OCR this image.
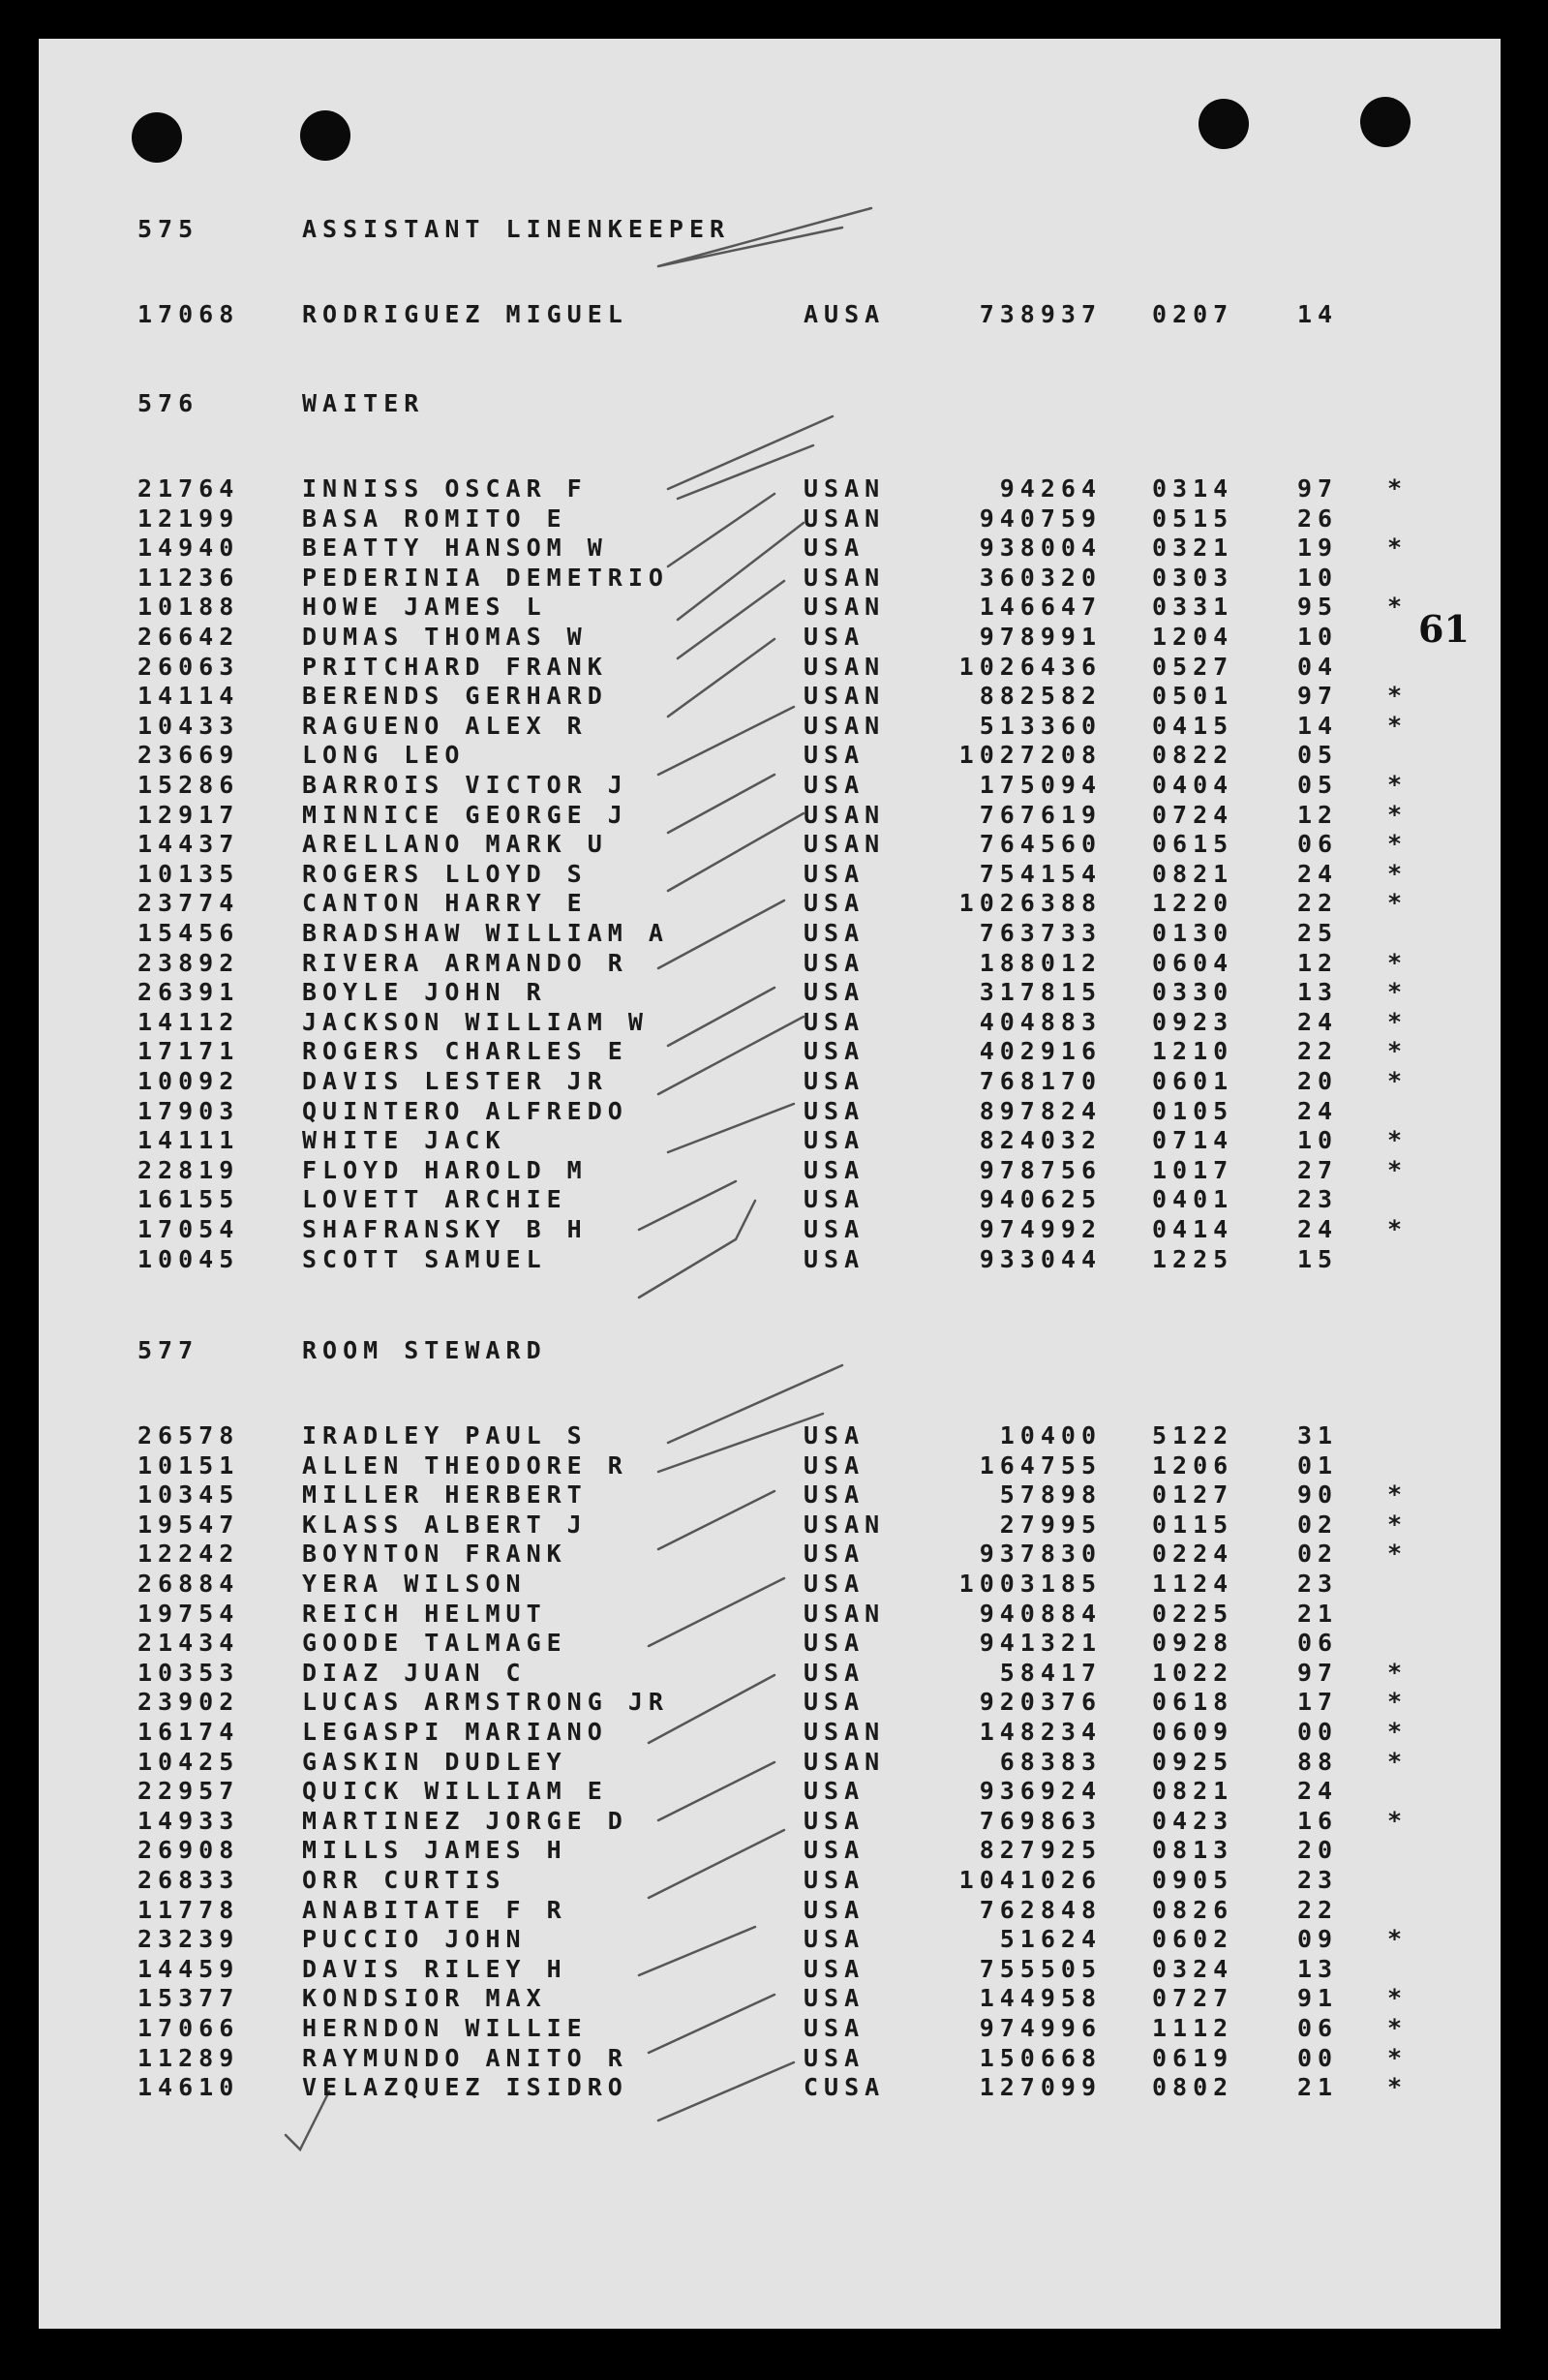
575	ASSISTANT LINENKEEPER
17068	RODRIGUEZ MIGUEL	AUSA	738937 0207	14
576	WAITER
21764	INNISS OSCAR F	USAN	94264 0314	97 *
12199	BASA ROMITO E	USAN	940759 0515	26
14940	BEATTY HANSOM W	USA	938004 0321	19 *
11236	PEDERINIA DEMETRIO	USAN	360320 0303	10
10188	HOWE JAMES L	USAN	146647 0331	95 *
26642	DUMAS THOMAS W	USA	978991 1204	10
26063	PRITCHARD FRANK	USAN	1026436 0527	04
14114	BERENDS GERHARD	USAN	882582 0501	97 *
10433	RAGUENO ALEX R	USAN	513360 0415	14 *
23669	LONG LEO	USA	1027208 0822	05
15286	BARROIS VICTOR J	USA	175094 0404	05 *
12917	MINNICE GEORGE J	USAN	767619 0724	12 *
14437	ARELLANO MARK U	USAN	764560 0615	06 *
10135	ROGERS LLOYD S	USA	754154 0821	24 *
23774	CANTON HARRY E	USA	1026388 1220	22 *
15456	BRADSHAW WILLIAM A	USA	763733 0130	25
23892	RIVERA ARMANDO R	USA	188012 0604	12 *
26391	BOYLE JOHN R	USA	317815 0330	13 *
14112	JACKSON WILLIAM W	USA	404883 0923	24 *
17171	ROGERS CHARLES E	USA	402916 1210	22 *
10092	DAVIS LESTER JR	USA	768170 0601	20 *
17903	QUINTERO ALFREDO	USA	897824 0105	24
14111	WHITE JACK	USA	824032 0714	10 *
22819	FLOYD HAROLD M	USA	978756 1017	27 *
16155	LOVETT ARCHIE	USA	940625 0401	23
17054	SHAFRANSKY B H	USA	974992 0414	24 *
10045	SCOTT SAMUEL	USA	933044 1225	15
577	ROOM STEWARD
26578	IRADLEY PAUL S	USA	10400 5122	31
10151	ALLEN THEODORE R	USA	164755 1206	01
10345	MILLER HERBERT	USA	57898 0127	90 *
19547	KLASS ALBERT J	USAN	27995 0115	02 *
12242	BOYNTON FRANK	USA	937830 0224	02 *
26884	YERA WILSON	USA	1003185 1124	23
19754	REICH HELMUT	USAN	940884 0225	21
21434	GOODE TALMAGE	USA	941321 0928	06
10353	DIAZ JUAN C	USA	58417 1022	97 *
23902	LUCAS ARMSTRONG JR	USA	920376 0618	17 *
16174	LEGASPI MARIANO	USAN	148234 0609	00 *
10425	GASKIN DUDLEY	USAN	68383 0925	88 *
22957	QUICK WILLIAM E	USA	936924 0821	24
14933	MARTINEZ JORGE D	USA	769863 0423	16 *
26908	MILLS JAMES H	USA	827925 0813	20
26833	ORR CURTIS	USA	1041026 0905	23
11778	ANABITATE F R	USA	762848 0826	22
23239	PUCCIO JOHN	USA	51624 0602	09 *
14459	DAVIS RILEY H	USA	755505 0324	13
15377	KONDSIOR MAX	USA	144958 0727	91 *
17066	HERNDON WILLIE	USA	974996 1112	06 *
11289	RAYMUNDO ANITO R	USA	150668 0619	00 *
14610	VELAZQUEZ ISIDRO	CUSA	127099 0802	21 *
61
